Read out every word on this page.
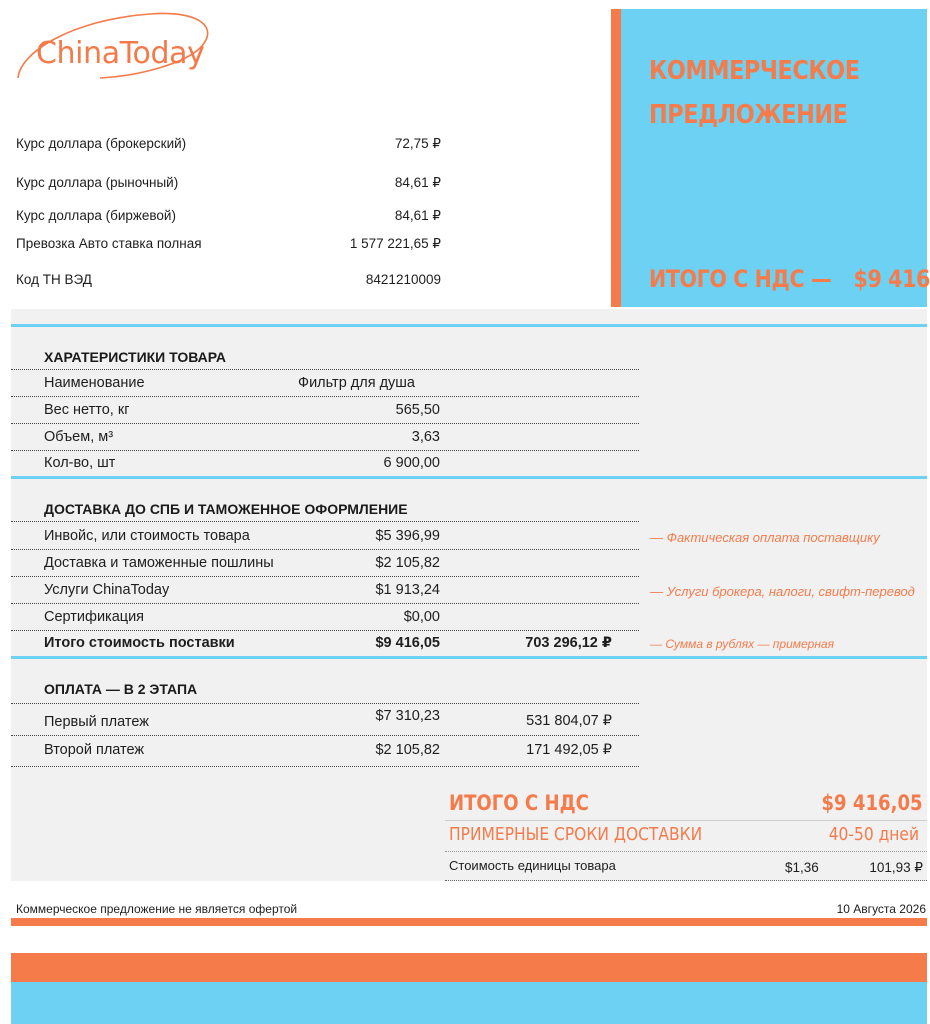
ChinaToday
Курс доллара (брокерский)	72,75 ₽
Курс доллара (рыночный)	84,61 ₽
Курс доллара (биржевой)	84,61 ₽
Превозка Авто ставка полная	1 577 221,65 ₽
Код ТН ВЭД	8421210009
КОММЕРЧЕСКОЕ
ПРЕДЛОЖЕНИЕ
ИТОГО С НДС — $9 416
ХАРАТЕРИСТИКИ ТОВАРА
Наименование	Фильтр для душа
Вес нетто, кг	565,50
Объем, м³	3,63
Кол-во, шт	6 900,00
ДОСТАВКА ДО СПБ И ТАМОЖЕННОЕ ОФОРМЛЕНИЕ
Инвойс, или стоимость товара	$5 396,99	— Фактическая оплата поставщику
Доставка и таможенные пошлины	$2 105,82
Услуги ChinaToday	$1 913,24	— Услуги брокера, налоги, свифт-перевод
Сертификация	$0,00
Итого стоимость поставки	$9 416,05	703 296,12 ₽	— Сумма в рублях — примерная
ОПЛАТА — В 2 ЭТАПА
Первый платеж	$7 310,23	531 804,07 ₽
Второй платеж	$2 105,82	171 492,05 ₽
ИТОГО С НДС	$9 416,05
ПРИМЕРНЫЕ СРОКИ ДОСТАВКИ	40-50 дней
Стоимость единицы товара	$1,36	101,93 ₽
Коммерческое предложение не является офертой	10 Августа 2026
